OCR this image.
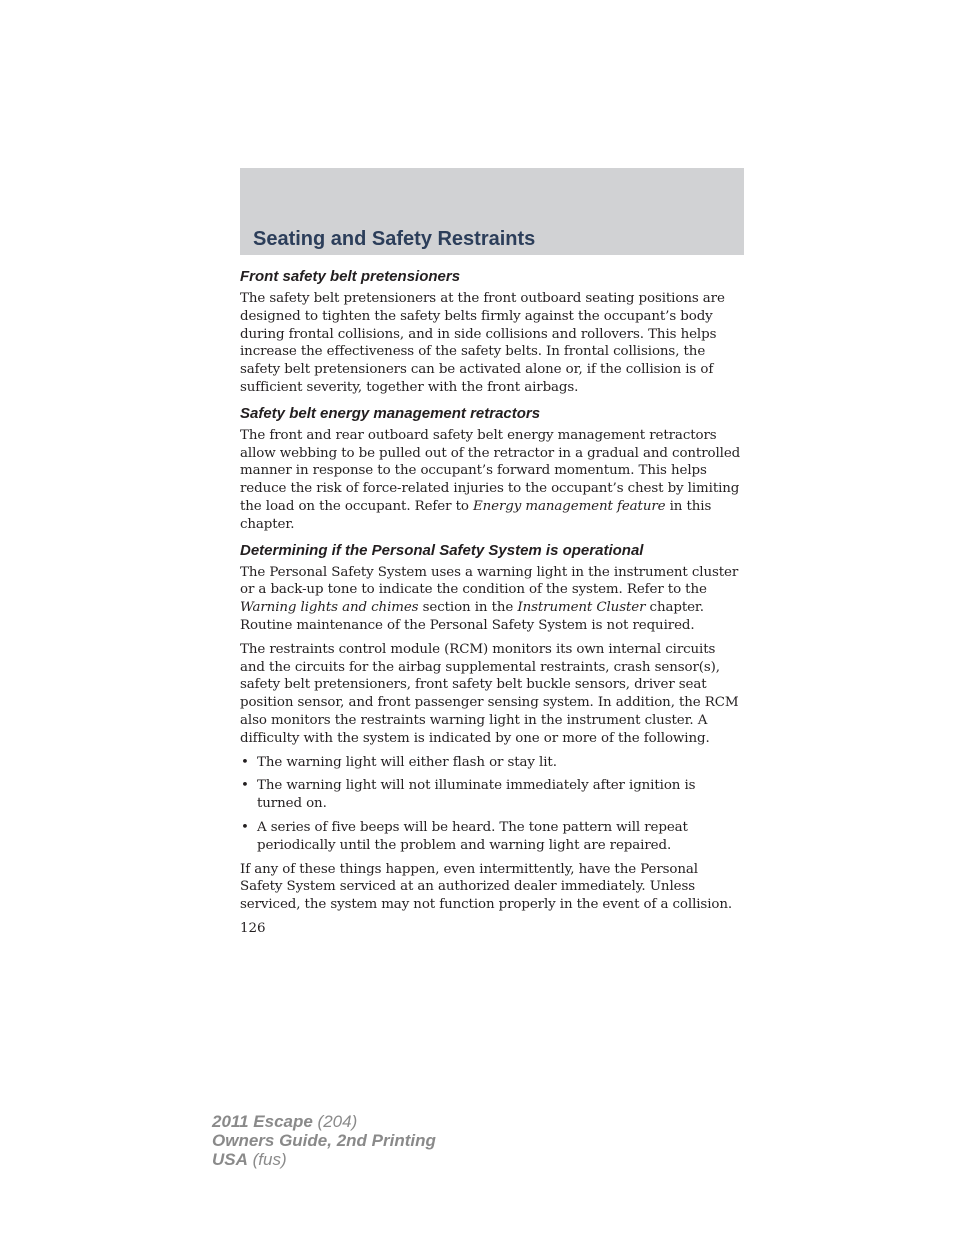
Seating and Safety Restraints
Front safety belt pretensioners

The safety belt pretensioners at the front outboard seating positions are designed to tighten the safety belts firmly against the occupant’s body during frontal collisions, and in side collisions and rollovers. This helps increase the effectiveness of the safety belts. In frontal collisions, the safety belt pretensioners can be activated alone or, if the collision is of sufficient severity, together with the front airbags.

Safety belt energy management retractors

The front and rear outboard safety belt energy management retractors allow webbing to be pulled out of the retractor in a gradual and controlled manner in response to the occupant’s forward momentum. This helps reduce the risk of force-related injuries to the occupant’s chest by limiting the load on the occupant. Refer to Energy management feature in this chapter.

Determining if the Personal Safety System is operational

The Personal Safety System uses a warning light in the instrument cluster or a back-up tone to indicate the condition of the system. Refer to the Warning lights and chimes section in the Instrument Cluster chapter. Routine maintenance of the Personal Safety System is not required.

The restraints control module (RCM) monitors its own internal circuits and the circuits for the airbag supplemental restraints, crash sensor(s), safety belt pretensioners, front safety belt buckle sensors, driver seat position sensor, and front passenger sensing system. In addition, the RCM also monitors the restraints warning light in the instrument cluster. A difficulty with the system is indicated by one or more of the following.

• The warning light will either flash or stay lit.
• The warning light will not illuminate immediately after ignition is turned on.
• A series of five beeps will be heard. The tone pattern will repeat periodically until the problem and warning light are repaired.

If any of these things happen, even intermittently, have the Personal Safety System serviced at an authorized dealer immediately. Unless serviced, the system may not function properly in the event of a collision.

126
2011 Escape (204)
Owners Guide, 2nd Printing
USA (fus)
